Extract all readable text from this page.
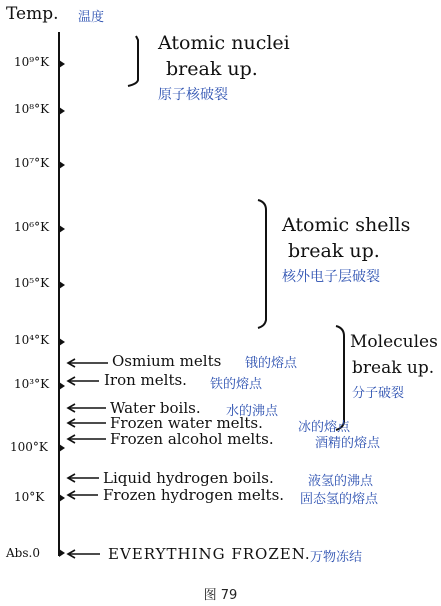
Temp. 温度
10⁹°K
10⁸°K
10⁷°K
10⁶°K
10⁵°K
10⁴°K
10³°K
100°K
10°K
Abs.0
Atomic nuclei
break up.
原子核破裂
Atomic shells
break up.
核外电子层破裂
Molecules
break up.
分子破裂
Osmium melts 锇的熔点
Iron melts. 铁的熔点
Water boils. 水的沸点
Frozen water melts.	冰的熔点
Frozen alcohol melts.	酒精的熔点
Liquid hydrogen boils.	液氢的沸点
Frozen hydrogen melts. 固态氢的熔点
EVERYTHING FROZEN. 万物冻结
图 79
